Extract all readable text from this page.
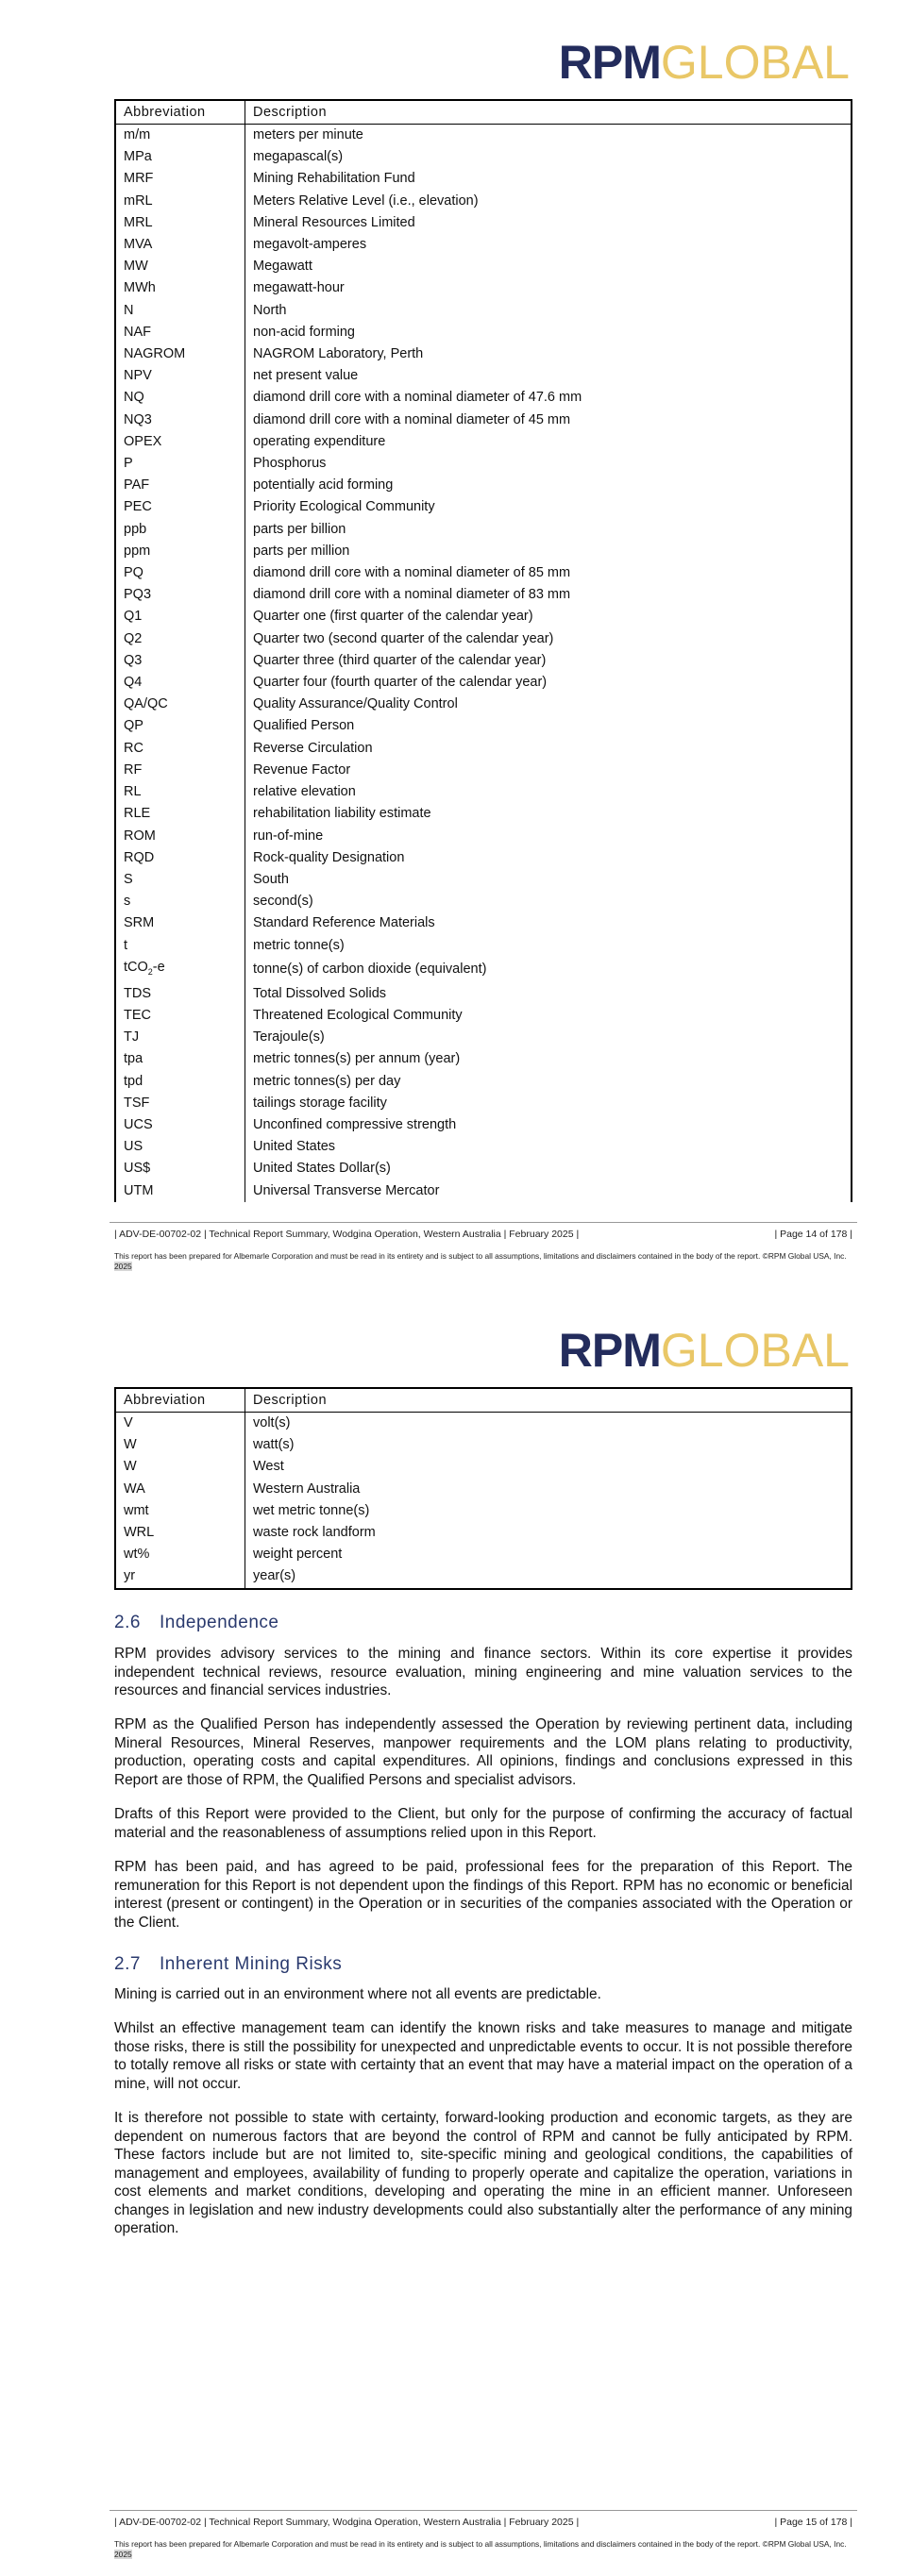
RPMGLOBAL
Abbreviation	Description
m/m	meters per minute
MPa	megapascal(s)
MRF	Mining Rehabilitation Fund
mRL	Meters Relative Level (i.e., elevation)
MRL	Mineral Resources Limited
MVA	megavolt-amperes
MW	Megawatt
MWh	megawatt-hour
N	North
NAF	non-acid forming
NAGROM	NAGROM Laboratory, Perth
NPV	net present value
NQ	diamond drill core with a nominal diameter of 47.6 mm
NQ3	diamond drill core with a nominal diameter of 45 mm
OPEX	operating expenditure
P	Phosphorus
PAF	potentially acid forming
PEC	Priority Ecological Community
ppb	parts per billion
ppm	parts per million
PQ	diamond drill core with a nominal diameter of 85 mm
PQ3	diamond drill core with a nominal diameter of 83 mm
Q1	Quarter one (first quarter of the calendar year)
Q2	Quarter two (second quarter of the calendar year)
Q3	Quarter three (third quarter of the calendar year)
Q4	Quarter four (fourth quarter of the calendar year)
QA/QC	Quality Assurance/Quality Control
QP	Qualified Person
RC	Reverse Circulation
RF	Revenue Factor
RL	relative elevation
RLE	rehabilitation liability estimate
ROM	run-of-mine
RQD	Rock-quality Designation
S	South
s	second(s)
SRM	Standard Reference Materials
t	metric tonne(s)
tCO$_2$-e	tonne(s) of carbon dioxide (equivalent)
TDS	Total Dissolved Solids
TEC	Threatened Ecological Community
TJ	Terajoule(s)
tpa	metric tonnes(s) per annum (year)
tpd	metric tonnes(s) per day
TSF	tailings storage facility
UCS	Unconfined compressive strength
US	United States
US$	United States Dollar(s)
UTM	Universal Transverse Mercator
| ADV-DE-00702-02 | Technical Report Summary, Wodgina Operation, Western Australia | February 2025 |	| Page 14 of 178 |
This report has been prepared for Albemarle Corporation and must be read in its entirety and is subject to all assumptions, limitations and disclaimers contained in the body of the report. ©RPM Global USA, Inc. 2025
RPMGLOBAL
Abbreviation	Description
V	volt(s)
W	watt(s)
W	West
WA	Western Australia
wmt	wet metric tonne(s)
WRL	waste rock landform
wt%	weight percent
yr	year(s)
2.6 Independence
RPM provides advisory services to the mining and finance sectors. Within its core expertise it provides independent technical reviews, resource evaluation, mining engineering and mine valuation services to the resources and financial services industries.
RPM as the Qualified Person has independently assessed the Operation by reviewing pertinent data, including Mineral Resources, Mineral Reserves, manpower requirements and the LOM plans relating to productivity, production, operating costs and capital expenditures. All opinions, findings and conclusions expressed in this Report are those of RPM, the Qualified Persons and specialist advisors.
Drafts of this Report were provided to the Client, but only for the purpose of confirming the accuracy of factual material and the reasonableness of assumptions relied upon in this Report.
RPM has been paid, and has agreed to be paid, professional fees for the preparation of this Report. The remuneration for this Report is not dependent upon the findings of this Report. RPM has no economic or beneficial interest (present or contingent) in the Operation or in securities of the companies associated with the Operation or the Client.
2.7 Inherent Mining Risks
Mining is carried out in an environment where not all events are predictable.
Whilst an effective management team can identify the known risks and take measures to manage and mitigate those risks, there is still the possibility for unexpected and unpredictable events to occur. It is not possible therefore to totally remove all risks or state with certainty that an event that may have a material impact on the operation of a mine, will not occur.
It is therefore not possible to state with certainty, forward-looking production and economic targets, as they are dependent on numerous factors that are beyond the control of RPM and cannot be fully anticipated by RPM. These factors include but are not limited to, site-specific mining and geological conditions, the capabilities of management and employees, availability of funding to properly operate and capitalize the operation, variations in cost elements and market conditions, developing and operating the mine in an efficient manner. Unforeseen changes in legislation and new industry developments could also substantially alter the performance of any mining operation.
| ADV-DE-00702-02 | Technical Report Summary, Wodgina Operation, Western Australia | February 2025 |	| Page 15 of 178 |
This report has been prepared for Albemarle Corporation and must be read in its entirety and is subject to all assumptions, limitations and disclaimers contained in the body of the report. ©RPM Global USA, Inc. 2025
